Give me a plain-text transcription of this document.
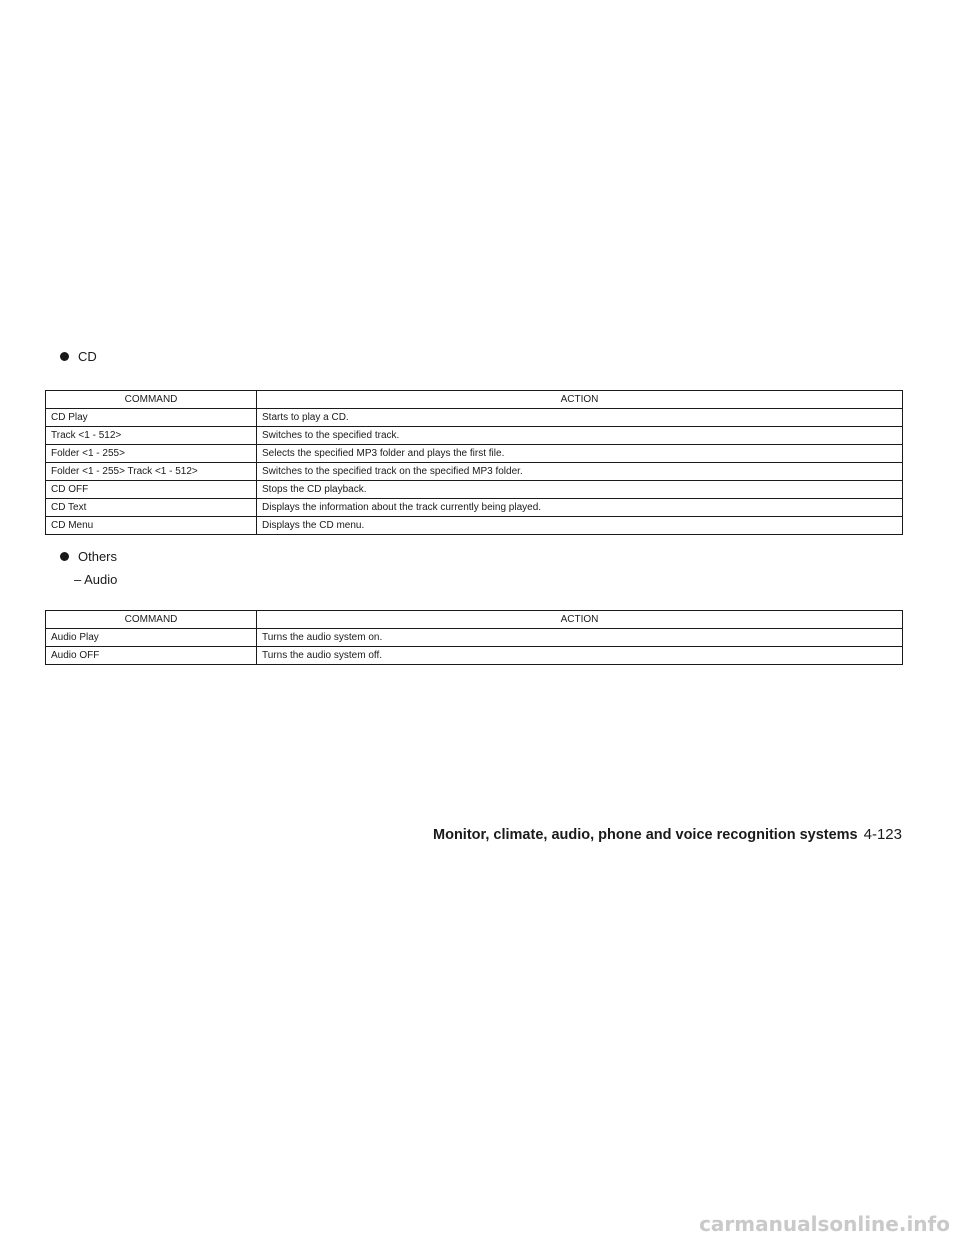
CD
COMMAND	ACTION
CD Play	Starts to play a CD.
Track <1 - 512>	Switches to the specified track.
Folder <1 - 255>	Selects the specified MP3 folder and plays the first file.
Folder <1 - 255> Track <1 - 512>	Switches to the specified track on the specified MP3 folder.
CD OFF	Stops the CD playback.
CD Text	Displays the information about the track currently being played.
CD Menu	Displays the CD menu.
Others
– Audio
COMMAND	ACTION
Audio Play	Turns the audio system on.
Audio OFF	Turns the audio system off.
Monitor, climate, audio, phone and voice recognition systems 4-123
carmanualsonline.info
